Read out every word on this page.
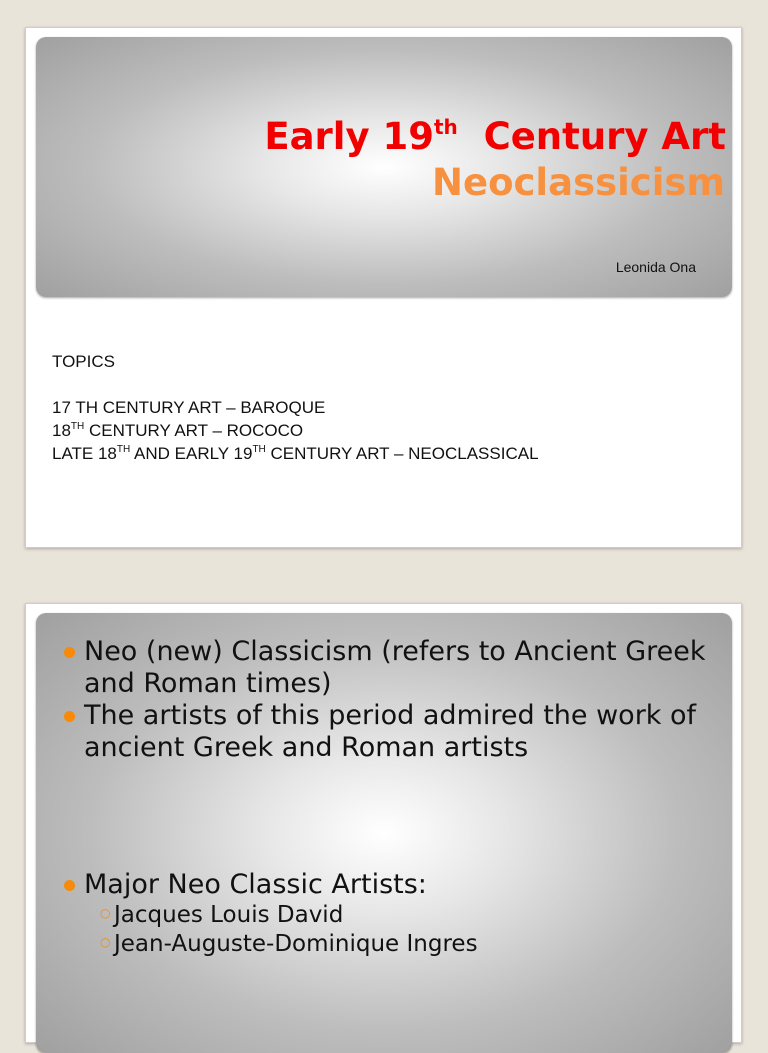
Early 19th Century Art
Neoclassicism
Leonida Ona
TOPICS
17 TH CENTURY ART – BAROQUE
18TH CENTURY ART – ROCOCO
LATE 18TH AND EARLY 19TH CENTURY ART – NEOCLASSICAL
Neo (new) Classicism (refers to Ancient Greek and Roman times)
The artists of this period admired the work of ancient Greek and Roman artists
Major Neo Classic Artists:
○ Jacques Louis David
○ Jean-Auguste-Dominique Ingres
